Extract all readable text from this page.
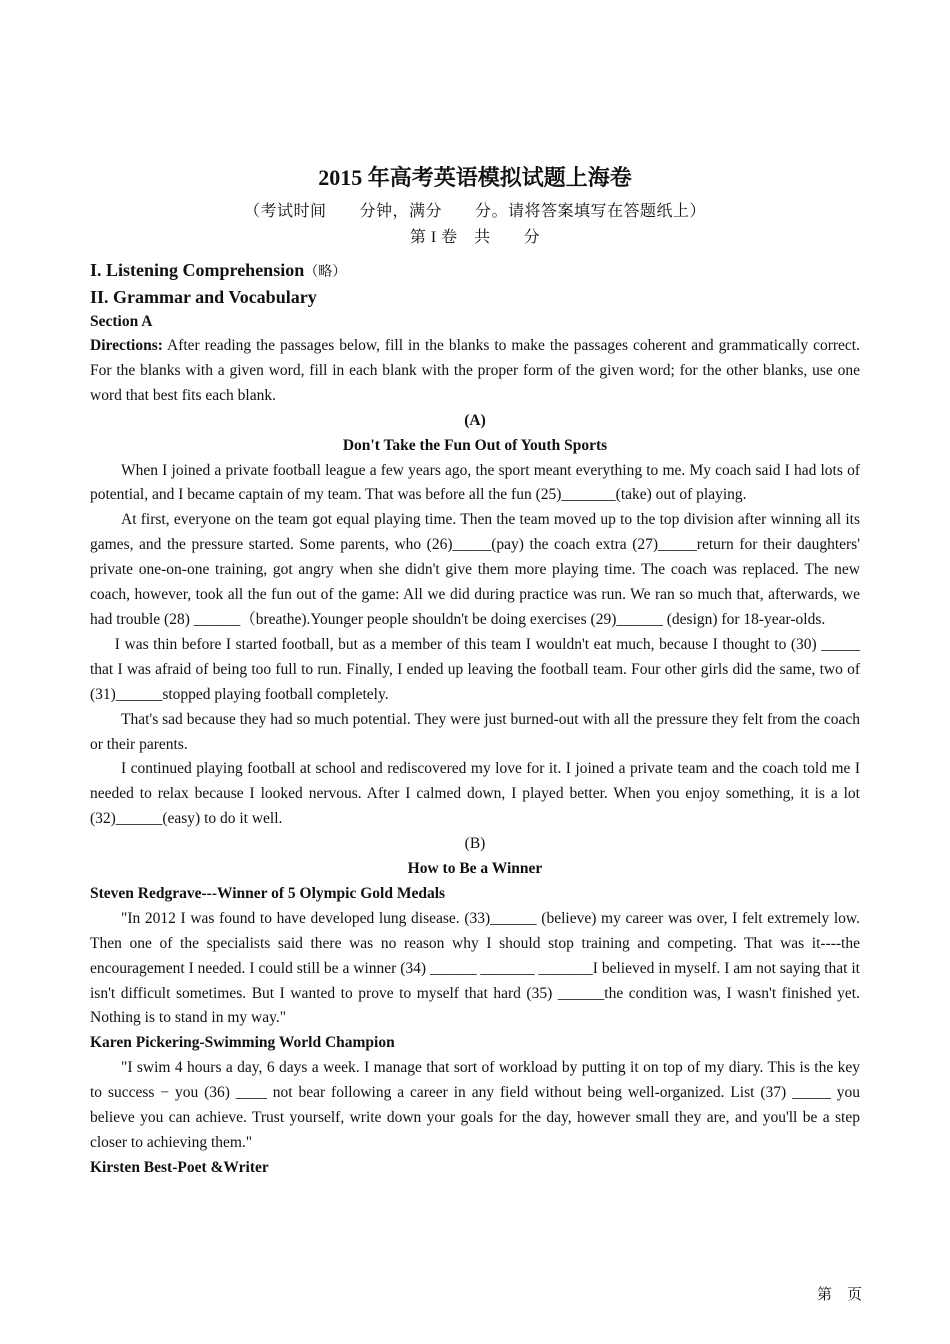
2015 年高考英语模拟试题上海卷
（考试时间　　分钟，满分　　分。请将答案填写在答题纸上）
第 I 卷　共　　分
I. Listening Comprehension（略）
II. Grammar and Vocabulary
Section A

Directions: After reading the passages below, fill in the blanks to make the passages coherent and grammatically correct. For the blanks with a given word, fill in each blank with the proper form of the given word; for the other blanks, use one word that best fits each blank.

(A)

Don't Take the Fun Out of Youth Sports

When I joined a private football league a few years ago, the sport meant everything to me. My coach said I had lots of potential, and I became captain of my team. That was before all the fun (25)_______(take) out of playing.

At first, everyone on the team got equal playing time. Then the team moved up to the top division after winning all its games, and the pressure started. Some parents, who (26)_____(pay) the coach extra (27)_____return for their daughters' private one-on-one training, got angry when she didn't give them more playing time. The coach was replaced. The new coach, however, took all the fun out of the game: All we did during practice was run. We ran so much that, afterwards, we had trouble (28) ______（breathe).Younger people shouldn't be doing exercises (29)______ (design) for 18-year-olds.

I was thin before I started football, but as a member of this team I wouldn't eat much, because I thought to (30) _____ that I was afraid of being too full to run. Finally, I ended up leaving the football team. Four other girls did the same, two of (31)______stopped playing football completely.

That's sad because they had so much potential. They were just burned-out with all the pressure they felt from the coach or their parents.

I continued playing football at school and rediscovered my love for it. I joined a private team and the coach told me I needed to relax because I looked nervous. After I calmed down, I played better. When you enjoy something, it is a lot (32)______(easy) to do it well.

(B)

How to Be a Winner

Steven Redgrave---Winner of 5 Olympic Gold Medals

"In 2012 I was found to have developed lung disease. (33)______ (believe) my career was over, I felt extremely low. Then one of the specialists said there was no reason why I should stop training and competing. That was it----the encouragement I needed. I could still be a winner (34) ______ _______ _______I believed in myself. I am not saying that it isn't difficult sometimes. But I wanted to prove to myself that hard (35) ______the condition was, I wasn't finished yet. Nothing is to stand in my way."

Karen Pickering-Swimming World Champion

"I swim 4 hours a day, 6 days a week. I manage that sort of workload by putting it on top of my diary. This is the key to success − you (36) ____ not bear following a career in any field without being well-organized. List (37) _____ you believe you can achieve. Trust yourself, write down your goals for the day, however small they are, and you'll be a step closer to achieving them."

Kirsten Best-Poet &Writer

第　页
